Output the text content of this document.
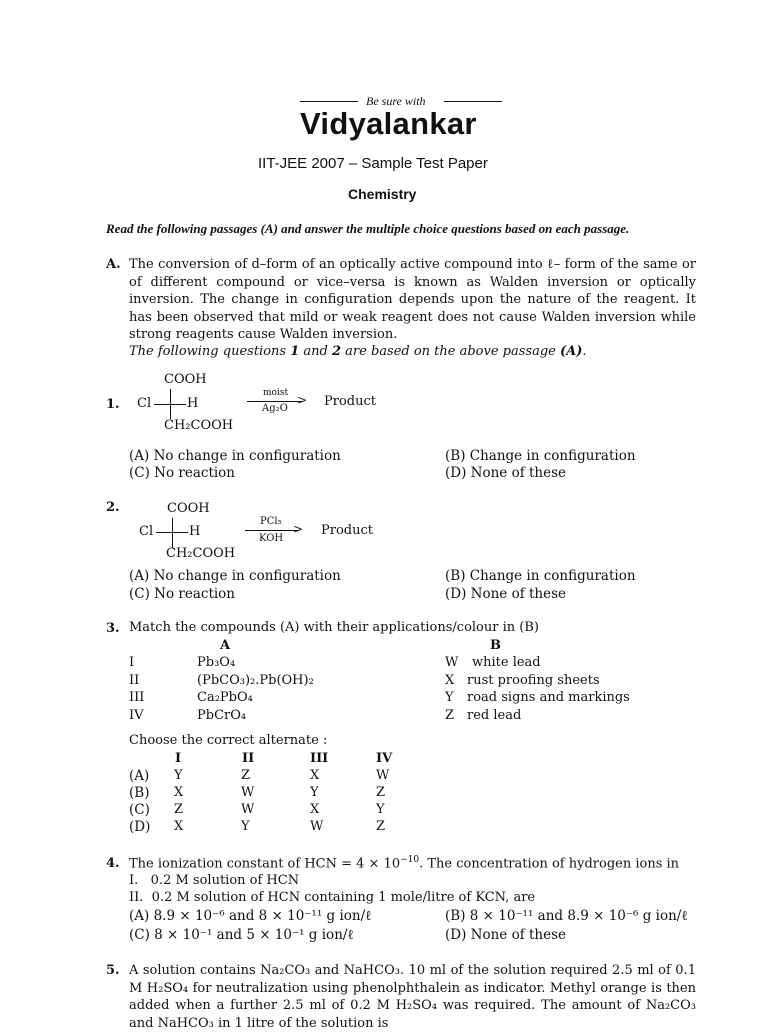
Be sure with
Vidyalankar
IIT-JEE 2007 – Sample Test Paper
Chemistry
Read the following passages (A) and answer the multiple choice questions based on each passage.
A. The conversion of d–form of an optically active compound into ℓ– form of the same or of different compound or vice–versa is known as Walden inversion or optically inversion. The change in configuration depends upon the nature of the reagent. It has been observed that mild or weak reagent does not cause Walden inversion while strong reagents cause Walden inversion.
The following questions 1 and 2 are based on the above passage (A).
1.
COOH
Cl	H
CH₂COOH
moist >
Ag₂O	Product
(A) No change in configuration	(B) Change in configuration
(C) No reaction	(D) None of these
2.	COOH
Cl	H
CH₂COOH
PCl₅
>
KOH
Product
(A) No change in configuration	(B) Change in configuration
(C) No reaction	(D) None of these
3. Match the compounds (A) with their applications/colour in (B)
A	B
I	Pb₃O₄	W white lead
II	(PbCO₃)₂.Pb(OH)₂	X rust proofing sheets
III	Ca₂PbO₄	Y road signs and markings
IV	PbCrO₄	Z red lead
Choose the correct alternate :
I	II	III	IV
(A) Y	Z	X	W
(B) X	W	Y	Z
(C) Z	W	X	Y
(D) X	Y	W	Z
4. The ionization constant of HCN = $4 \times 10^{-10}$. The concentration of hydrogen ions in
I.   0.2 M solution of HCN
II.  0.2 M solution of HCN containing 1 mole/litre of KCN, are
(A) 8.9 × 10⁻⁶ and 8 × 10⁻¹¹ g ion/ℓ	(B) 8 × 10⁻¹¹ and 8.9 × 10⁻⁶ g ion/ℓ
(C) 8 × 10⁻¹ and 5 × 10⁻¹ g ion/ℓ	(D) None of these
5. A solution contains Na₂CO₃ and NaHCO₃. 10 ml of the solution required 2.5 ml of 0.1 M H₂SO₄ for neutralization using phenolphthalein as indicator. Methyl orange is then added when a further 2.5 ml of 0.2 M H₂SO₄ was required. The amount of Na₂CO₃ and NaHCO₃ in 1 litre of the solution is
